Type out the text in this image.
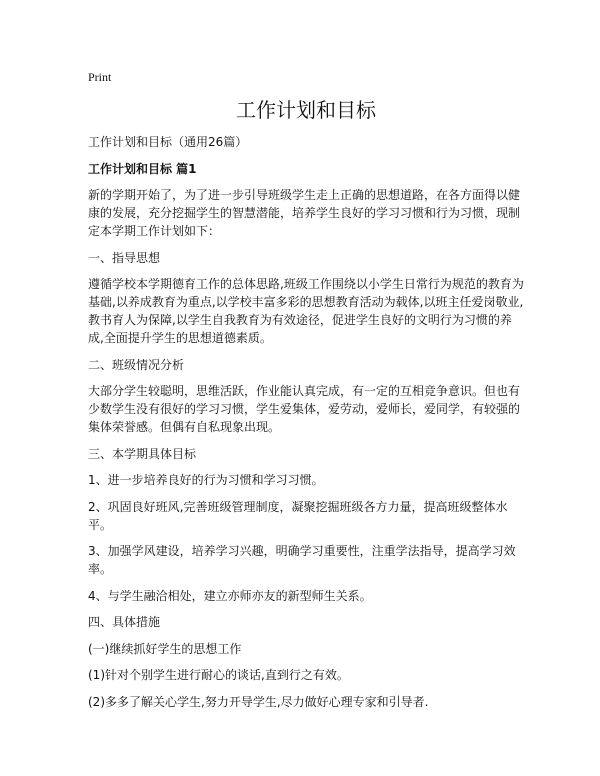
Print
工作计划和目标

工作计划和目标（通用26篇）

工作计划和目标 篇1

新的学期开始了，为了进一步引导班级学生走上正确的思想道路，在各方面得以健康的发展，充分挖掘学生的智慧潜能，培养学生良好的学习习惯和行为习惯，现制定本学期工作计划如下：

一、指导思想

遵循学校本学期德育工作的总体思路,班级工作围绕以小学生日常行为规范的教育为基础,以养成教育为重点,以学校丰富多彩的思想教育活动为载体,以班主任爱岗敬业,教书育人为保障,以学生自我教育为有效途径，促进学生良好的文明行为习惯的养成,全面提升学生的思想道德素质。

二、班级情况分析

大部分学生较聪明，思维活跃，作业能认真完成，有一定的互相竞争意识。但也有少数学生没有很好的学习习惯，学生爱集体，爱劳动，爱师长，爱同学，有较强的集体荣誉感。但偶有自私现象出现。

三、本学期具体目标

1、进一步培养良好的行为习惯和学习习惯。

2、巩固良好班风,完善班级管理制度，凝聚挖掘班级各方力量，提高班级整体水平。

3、加强学风建设，培养学习兴趣，明确学习重要性，注重学法指导，提高学习效率。

4、与学生融洽相处，建立亦师亦友的新型师生关系。

四、具体措施

(一)继续抓好学生的思想工作

(1)针对个别学生进行耐心的谈话,直到行之有效。

(2)多多了解关心学生,努力开导学生,尽力做好心理专家和引导者.
